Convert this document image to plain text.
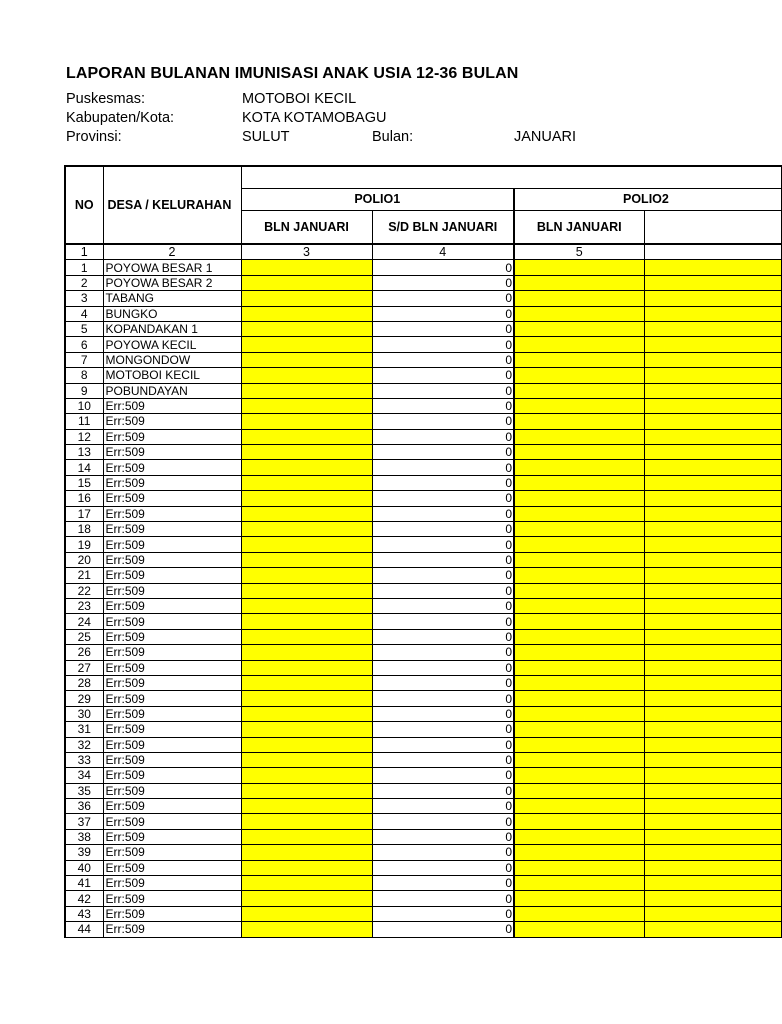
LAPORAN BULANAN IMUNISASI ANAK USIA 12-36 BULAN
Puskesmas:	MOTOBOI KECIL
Kabupaten/Kota:	KOTA KOTAMOBAGU
Provinsi:	SULUT	Bulan:	JANUARI
NO	DESA / KELURAHAN				
		POLIO1		POLIO2	
		BLN JANUARI	S/D BLN JANUARI	BLN JANUARI	
1	2	3	4	5	
1	POYOWA BESAR 1		0		
2	POYOWA BESAR 2		0		
3	TABANG		0		
4	BUNGKO		0		
5	KOPANDAKAN 1		0		
6	POYOWA KECIL		0		
7	MONGONDOW		0		
8	MOTOBOI KECIL		0		
9	POBUNDAYAN		0		
10	Err:509		0		
11	Err:509		0		
12	Err:509		0		
13	Err:509		0		
14	Err:509		0		
15	Err:509		0		
16	Err:509		0		
17	Err:509		0		
18	Err:509		0		
19	Err:509		0		
20	Err:509		0		
21	Err:509		0		
22	Err:509		0		
23	Err:509		0		
24	Err:509		0		
25	Err:509		0		
26	Err:509		0		
27	Err:509		0		
28	Err:509		0		
29	Err:509		0		
30	Err:509		0		
31	Err:509		0		
32	Err:509		0		
33	Err:509		0		
34	Err:509		0		
35	Err:509		0		
36	Err:509		0		
37	Err:509		0		
38	Err:509		0		
39	Err:509		0		
40	Err:509		0		
41	Err:509		0		
42	Err:509		0		
43	Err:509		0		
44	Err:509		0		
